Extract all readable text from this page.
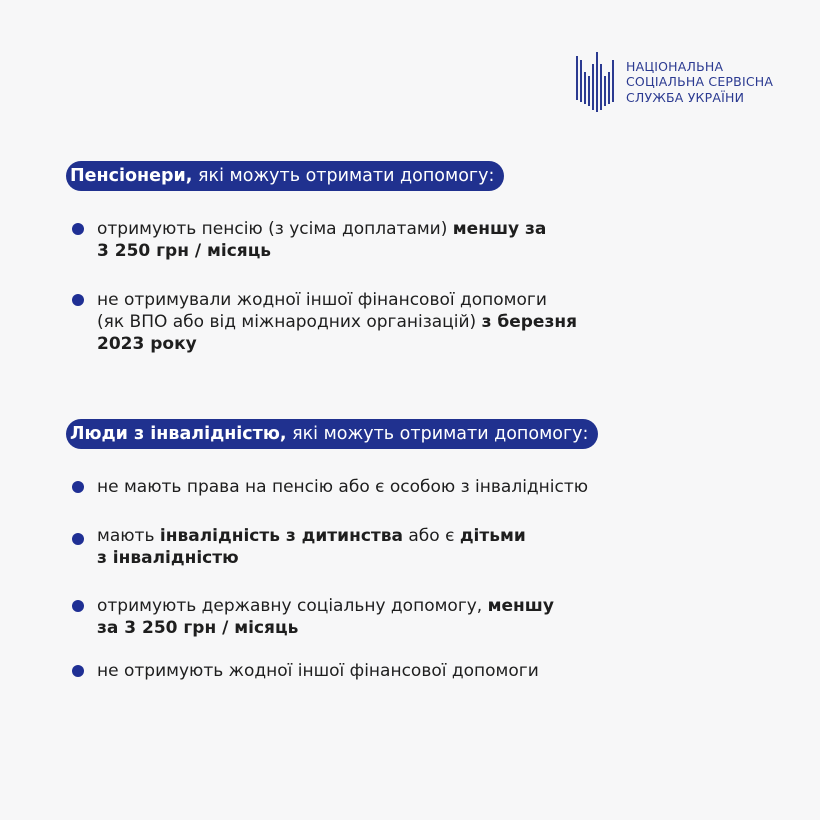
НАЦІОНАЛЬНА
СОЦІАЛЬНА СЕРВІСНА
СЛУЖБА УКРАЇНИ
Пенсіонери, які можуть отримати допомогу:
отримують пенсію (з усіма доплатами) меншу за
3 250 грн / місяць
не отримували жодної іншої фінансової допомоги
(як ВПО або від міжнародних організацій) з березня
2023 року
Люди з інвалідністю, які можуть отримати допомогу:
не мають права на пенсію або є особою з інвалідністю
мають інвалідність з дитинства або є дітьми
з інвалідністю
отримують державну соціальну допомогу, меншу
за 3 250 грн / місяць
не отримують жодної іншої фінансової допомоги
